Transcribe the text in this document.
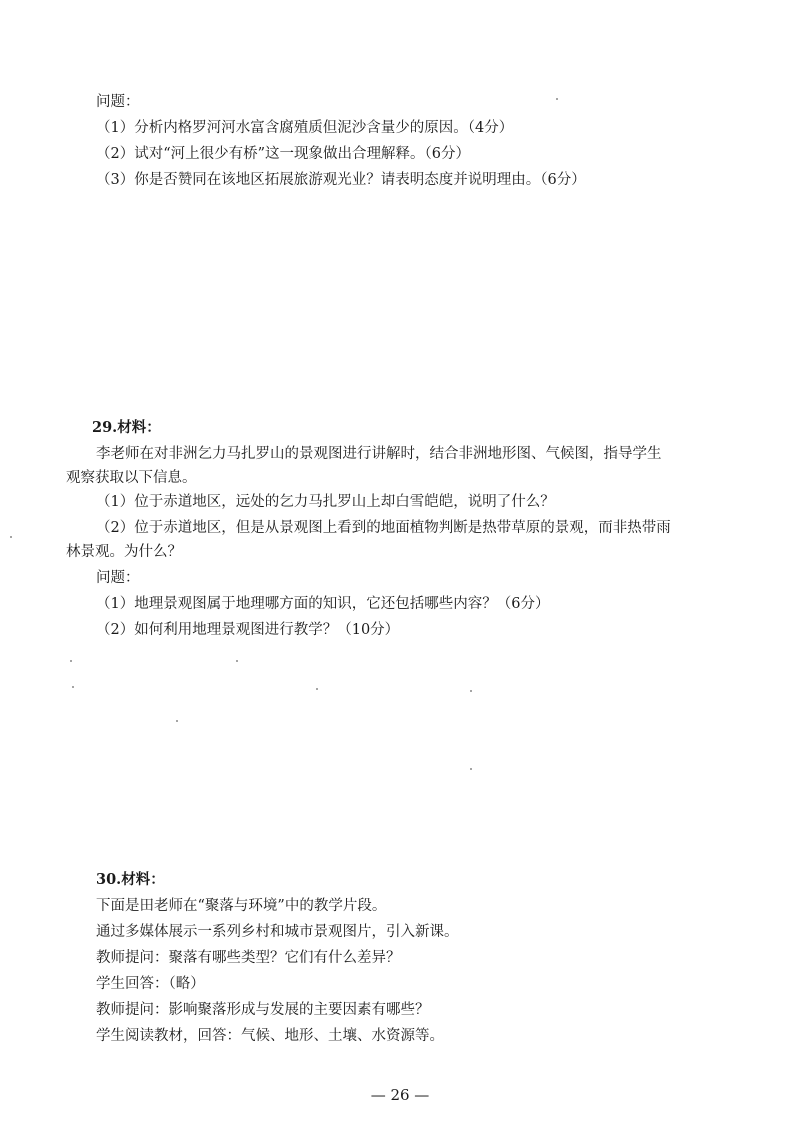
问题：
（1）分析内格罗河河水富含腐殖质但泥沙含量少的原因。（4分）
（2）试对“河上很少有桥”这一现象做出合理解释。（6分）
（3）你是否赞同在该地区拓展旅游观光业？请表明态度并说明理由。（6分）
29.材料：
李老师在对非洲乞力马扎罗山的景观图进行讲解时，结合非洲地形图、气候图，指导学生
观察获取以下信息。
（1）位于赤道地区，远处的乞力马扎罗山上却白雪皑皑，说明了什么？
（2）位于赤道地区，但是从景观图上看到的地面植物判断是热带草原的景观，而非热带雨
林景观。为什么？
问题：
（1）地理景观图属于地理哪方面的知识，它还包括哪些内容？（6分）
（2）如何利用地理景观图进行教学？（10分）
30.材料：
下面是田老师在“聚落与环境”中的教学片段。
通过多媒体展示一系列乡村和城市景观图片，引入新课。
教师提问：聚落有哪些类型？它们有什么差异？
学生回答：（略）
教师提问：影响聚落形成与发展的主要因素有哪些？
学生阅读教材，回答：气候、地形、土壤、水资源等。
— 26 —
